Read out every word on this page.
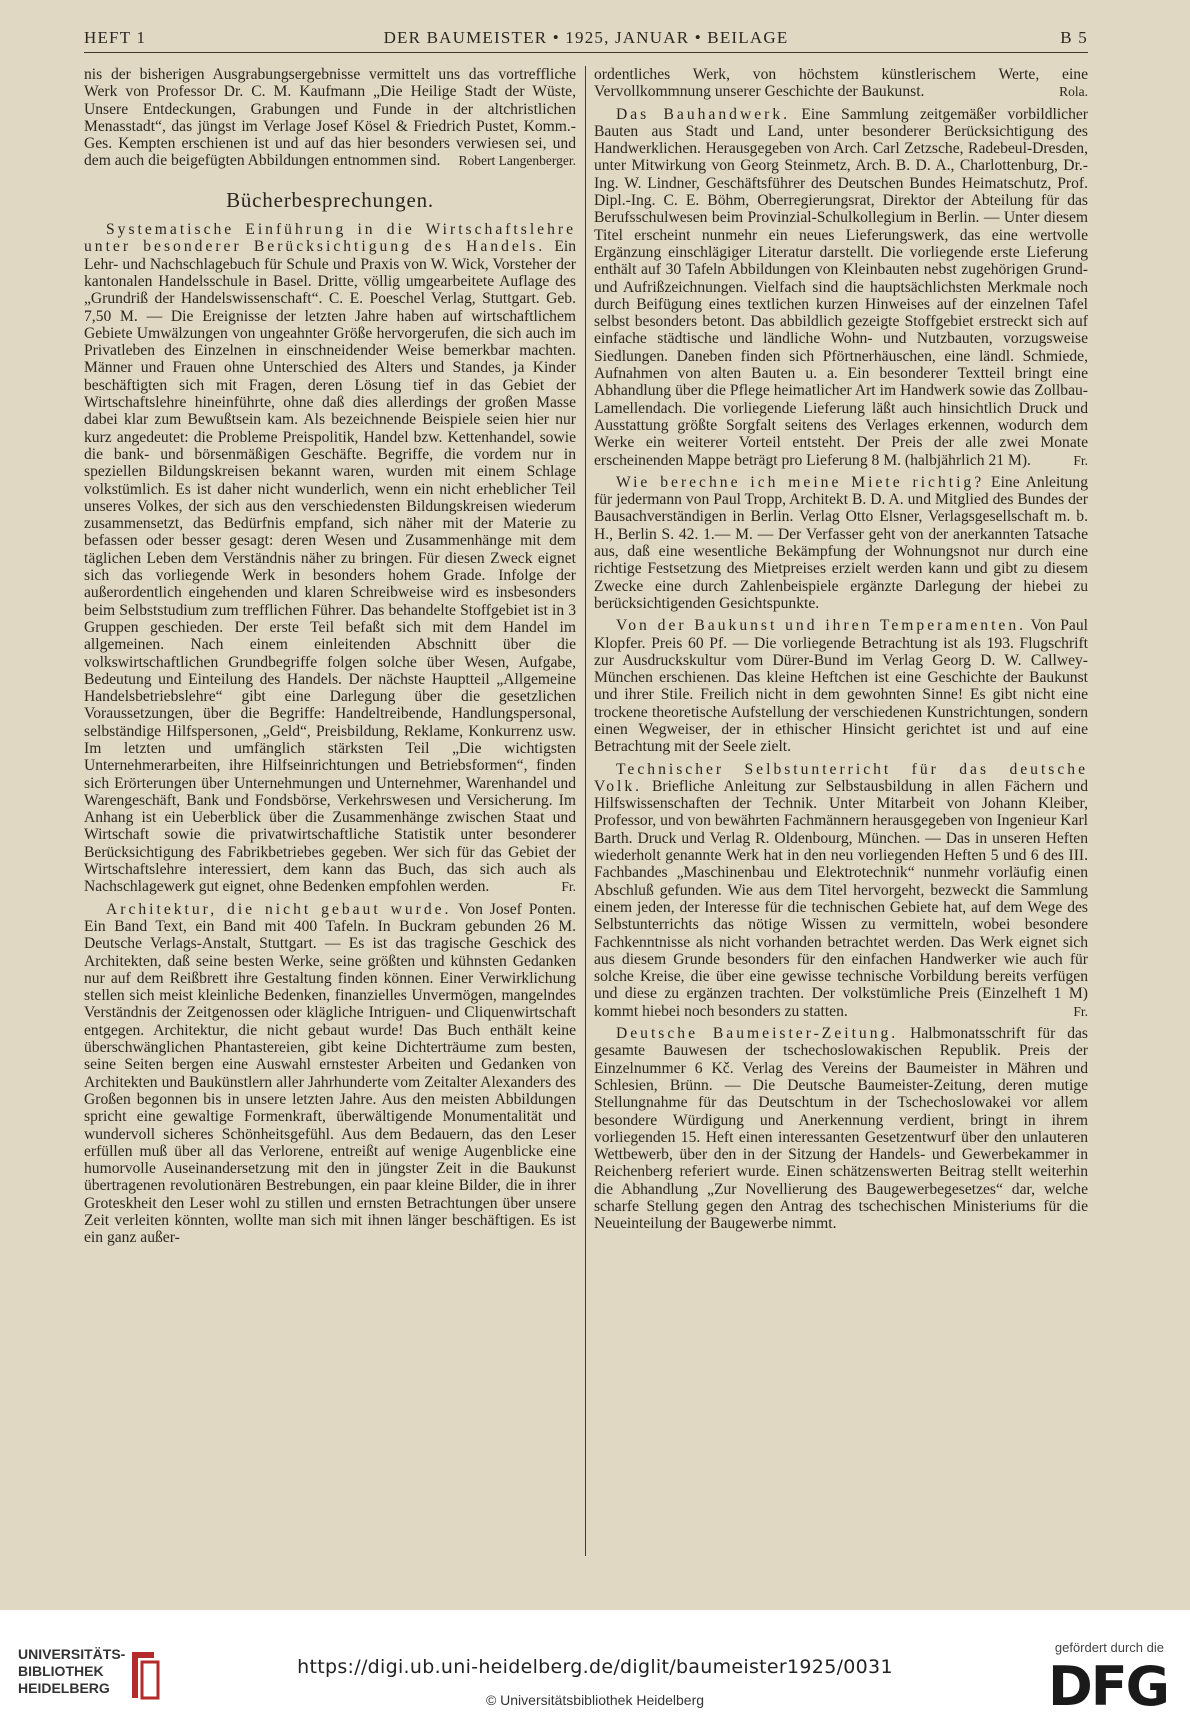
HEFT 1	DER BAUMEISTER • 1925, JANUAR • BEILAGE	B 5

nis der bisherigen Ausgrabungsergebnisse vermittelt uns das vortreffliche Werk von Professor Dr. C. M. Kaufmann „Die Heilige Stadt der Wüste, Unsere Entdeckungen, Grabungen und Funde in der altchristlichen Menasstadt“, das jüngst im Verlage Josef Kösel & Friedrich Pustet, Komm.-Ges. Kempten erschienen ist und auf das hier besonders verwiesen sei, und dem auch die beigefügten Abbildungen entnommen sind. Robert Langenberger.

Bücherbesprechungen.

Systematische Einführung in die Wirtschaftslehre unter besonderer Berücksichtigung des Handels. Ein Lehr- und Nachschlagebuch für Schule und Praxis von W. Wick, Vorsteher der kantonalen Handelsschule in Basel. Dritte, völlig umgearbeitete Auflage des „Grundriß der Handelswissenschaft“. C. E. Poeschel Verlag, Stuttgart. Geb. 7,50 M. — Die Ereignisse der letzten Jahre haben auf wirtschaftlichem Gebiete Umwälzungen von ungeahnter Größe hervorgerufen, die sich auch im Privatleben des Einzelnen in einschneidender Weise bemerkbar machten. Männer und Frauen ohne Unterschied des Alters und Standes, ja Kinder beschäftigten sich mit Fragen, deren Lösung tief in das Gebiet der Wirtschaftslehre hineinführte, ohne daß dies allerdings der großen Masse dabei klar zum Bewußtsein kam. Als bezeichnende Beispiele seien hier nur kurz angedeutet: die Probleme Preispolitik, Handel bzw. Kettenhandel, sowie die bank- und börsenmäßigen Geschäfte. Begriffe, die vordem nur in speziellen Bildungskreisen bekannt waren, wurden mit einem Schlage volkstümlich. Es ist daher nicht wunderlich, wenn ein nicht erheblicher Teil unseres Volkes, der sich aus den verschiedensten Bildungskreisen wiederum zusammensetzt, das Bedürfnis empfand, sich näher mit der Materie zu befassen oder besser gesagt: deren Wesen und Zusammenhänge mit dem täglichen Leben dem Verständnis näher zu bringen. Für diesen Zweck eignet sich das vorliegende Werk in besonders hohem Grade. Infolge der außerordentlich eingehenden und klaren Schreibweise wird es insbesonders beim Selbststudium zum trefflichen Führer. Das behandelte Stoffgebiet ist in 3 Gruppen geschieden. Der erste Teil befaßt sich mit dem Handel im allgemeinen. Nach einem einleitenden Abschnitt über die volkswirtschaftlichen Grundbegriffe folgen solche über Wesen, Aufgabe, Bedeutung und Einteilung des Handels. Der nächste Hauptteil „Allgemeine Handelsbetriebslehre“ gibt eine Darlegung über die gesetzlichen Voraussetzungen, über die Begriffe: Handeltreibende, Handlungspersonal, selbständige Hilfspersonen, „Geld“, Preisbildung, Reklame, Konkurrenz usw. Im letzten und umfänglich stärksten Teil „Die wichtigsten Unternehmerarbeiten, ihre Hilfseinrichtungen und Betriebsformen“, finden sich Erörterungen über Unternehmungen und Unternehmer, Warenhandel und Warengeschäft, Bank und Fondsbörse, Verkehrswesen und Versicherung. Im Anhang ist ein Ueberblick über die Zusammenhänge zwischen Staat und Wirtschaft sowie die privatwirtschaftliche Statistik unter besonderer Berücksichtigung des Fabrikbetriebes gegeben. Wer sich für das Gebiet der Wirtschaftslehre interessiert, dem kann das Buch, das sich auch als Nachschlagewerk gut eignet, ohne Bedenken empfohlen werden.	Fr.

Architektur, die nicht gebaut wurde. Von Josef Ponten. Ein Band Text, ein Band mit 400 Tafeln. In Buckram gebunden 26 M. Deutsche Verlags-Anstalt, Stuttgart. — Es ist das tragische Geschick des Architekten, daß seine besten Werke, seine größten und kühnsten Gedanken nur auf dem Reißbrett ihre Gestaltung finden können. Einer Verwirklichung stellen sich meist kleinliche Bedenken, finanzielles Unvermögen, mangelndes Verständnis der Zeitgenossen oder klägliche Intriguen- und Cliquenwirtschaft entgegen. Architektur, die nicht gebaut wurde! Das Buch enthält keine überschwänglichen Phantastereien, gibt keine Dichterträume zum besten, seine Seiten bergen eine Auswahl ernstester Arbeiten und Gedanken von Architekten und Baukünstlern aller Jahrhunderte vom Zeitalter Alexanders des Großen begonnen bis in unsere letzten Jahre. Aus den meisten Abbildungen spricht eine gewaltige Formenkraft, überwältigende Monumentalität und wundervoll sicheres Schönheitsgefühl. Aus dem Bedauern, das den Leser erfüllen muß über all das Verlorene, entreißt auf wenige Augenblicke eine humorvolle Auseinandersetzung mit den in jüngster Zeit in die Baukunst übertragenen revolutionären Bestrebungen, ein paar kleine Bilder, die in ihrer Groteskheit den Leser wohl zu stillen und ernsten Betrachtungen über unsere Zeit verleiten könnten, wollte man sich mit ihnen länger beschäftigen. Es ist ein ganz außer-

ordentliches Werk, von höchstem künstlerischem Werte, eine Vervollkommnung unserer Geschichte der Baukunst.	Rola.

Das Bauhandwerk. Eine Sammlung zeitgemäßer vorbildlicher Bauten aus Stadt und Land, unter besonderer Berücksichtigung des Handwerklichen. Herausgegeben von Arch. Carl Zetzsche, Radebeul-Dresden, unter Mitwirkung von Georg Steinmetz, Arch. B. D. A., Charlottenburg, Dr.-Ing. W. Lindner, Geschäftsführer des Deutschen Bundes Heimatschutz, Prof. Dipl.-Ing. C. E. Böhm, Oberregierungsrat, Direktor der Abteilung für das Berufsschulwesen beim Provinzial-Schulkollegium in Berlin. — Unter diesem Titel erscheint nunmehr ein neues Lieferungswerk, das eine wertvolle Ergänzung einschlägiger Literatur darstellt. Die vorliegende erste Lieferung enthält auf 30 Tafeln Abbildungen von Kleinbauten nebst zugehörigen Grund- und Aufrißzeichnungen. Vielfach sind die hauptsächlichsten Merkmale noch durch Beifügung eines textlichen kurzen Hinweises auf der einzelnen Tafel selbst besonders betont. Das abbildlich gezeigte Stoffgebiet erstreckt sich auf einfache städtische und ländliche Wohn- und Nutzbauten, vorzugsweise Siedlungen. Daneben finden sich Pförtnerhäuschen, eine ländl. Schmiede, Aufnahmen von alten Bauten u. a. Ein besonderer Textteil bringt eine Abhandlung über die Pflege heimatlicher Art im Handwerk sowie das Zollbau-Lamellendach. Die vorliegende Lieferung läßt auch hinsichtlich Druck und Ausstattung größte Sorgfalt seitens des Verlages erkennen, wodurch dem Werke ein weiterer Vorteil entsteht. Der Preis der alle zwei Monate erscheinenden Mappe beträgt pro Lieferung 8 M. (halbjährlich 21 M).	Fr.

Wie berechne ich meine Miete richtig? Eine Anleitung für jedermann von Paul Tropp, Architekt B. D. A. und Mitglied des Bundes der Bausachverständigen in Berlin. Verlag Otto Elsner, Verlagsgesellschaft m. b. H., Berlin S. 42. 1.— M. — Der Verfasser geht von der anerkannten Tatsache aus, daß eine wesentliche Bekämpfung der Wohnungsnot nur durch eine richtige Festsetzung des Mietpreises erzielt werden kann und gibt zu diesem Zwecke eine durch Zahlenbeispiele ergänzte Darlegung der hiebei zu berücksichtigenden Gesichtspunkte.

Von der Baukunst und ihren Temperamenten. Von Paul Klopfer. Preis 60 Pf. — Die vorliegende Betrachtung ist als 193. Flugschrift zur Ausdruckskultur vom Dürer-Bund im Verlag Georg D. W. Callwey-München erschienen. Das kleine Heftchen ist eine Geschichte der Baukunst und ihrer Stile. Freilich nicht in dem gewohnten Sinne! Es gibt nicht eine trockene theoretische Aufstellung der verschiedenen Kunstrichtungen, sondern einen Wegweiser, der in ethischer Hinsicht gerichtet ist und auf eine Betrachtung mit der Seele zielt.

Technischer Selbstunterricht für das deutsche Volk. Briefliche Anleitung zur Selbstausbildung in allen Fächern und Hilfswissenschaften der Technik. Unter Mitarbeit von Johann Kleiber, Professor, und von bewährten Fachmännern herausgegeben von Ingenieur Karl Barth. Druck und Verlag R. Oldenbourg, München. — Das in unseren Heften wiederholt genannte Werk hat in den neu vorliegenden Heften 5 und 6 des III. Fachbandes „Maschinenbau und Elektrotechnik“ nunmehr vorläufig einen Abschluß gefunden. Wie aus dem Titel hervorgeht, bezweckt die Sammlung einem jeden, der Interesse für die technischen Gebiete hat, auf dem Wege des Selbstunterrichts das nötige Wissen zu vermitteln, wobei besondere Fachkenntnisse als nicht vorhanden betrachtet werden. Das Werk eignet sich aus diesem Grunde besonders für den einfachen Handwerker wie auch für solche Kreise, die über eine gewisse technische Vorbildung bereits verfügen und diese zu ergänzen trachten. Der volkstümliche Preis (Einzelheft 1 M) kommt hiebei noch besonders zu statten.	Fr.

Deutsche Baumeister-Zeitung. Halbmonatsschrift für das gesamte Bauwesen der tschechoslowakischen Republik. Preis der Einzelnummer 6 Kč. Verlag des Vereins der Baumeister in Mähren und Schlesien, Brünn. — Die Deutsche Baumeister-Zeitung, deren mutige Stellungnahme für das Deutschtum in der Tschechoslowakei vor allem besondere Würdigung und Anerkennung verdient, bringt in ihrem vorliegenden 15. Heft einen interessanten Gesetzentwurf über den unlauteren Wettbewerb, über den in der Sitzung der Handels- und Gewerbekammer in Reichenberg referiert wurde. Einen schätzenswerten Beitrag stellt weiterhin die Abhandlung „Zur Novellierung des Baugewerbegesetzes“ dar, welche scharfe Stellung gegen den Antrag des tschechischen Ministeriums für die Neueinteilung der Baugewerbe nimmt.

UNIVERSITÄTS-
BIBLIOTHEK
HEIDELBERG
https://digi.ub.uni-heidelberg.de/diglit/baumeister1925/0031
© Universitätsbibliothek Heidelberg
gefördert durch die
DFG
